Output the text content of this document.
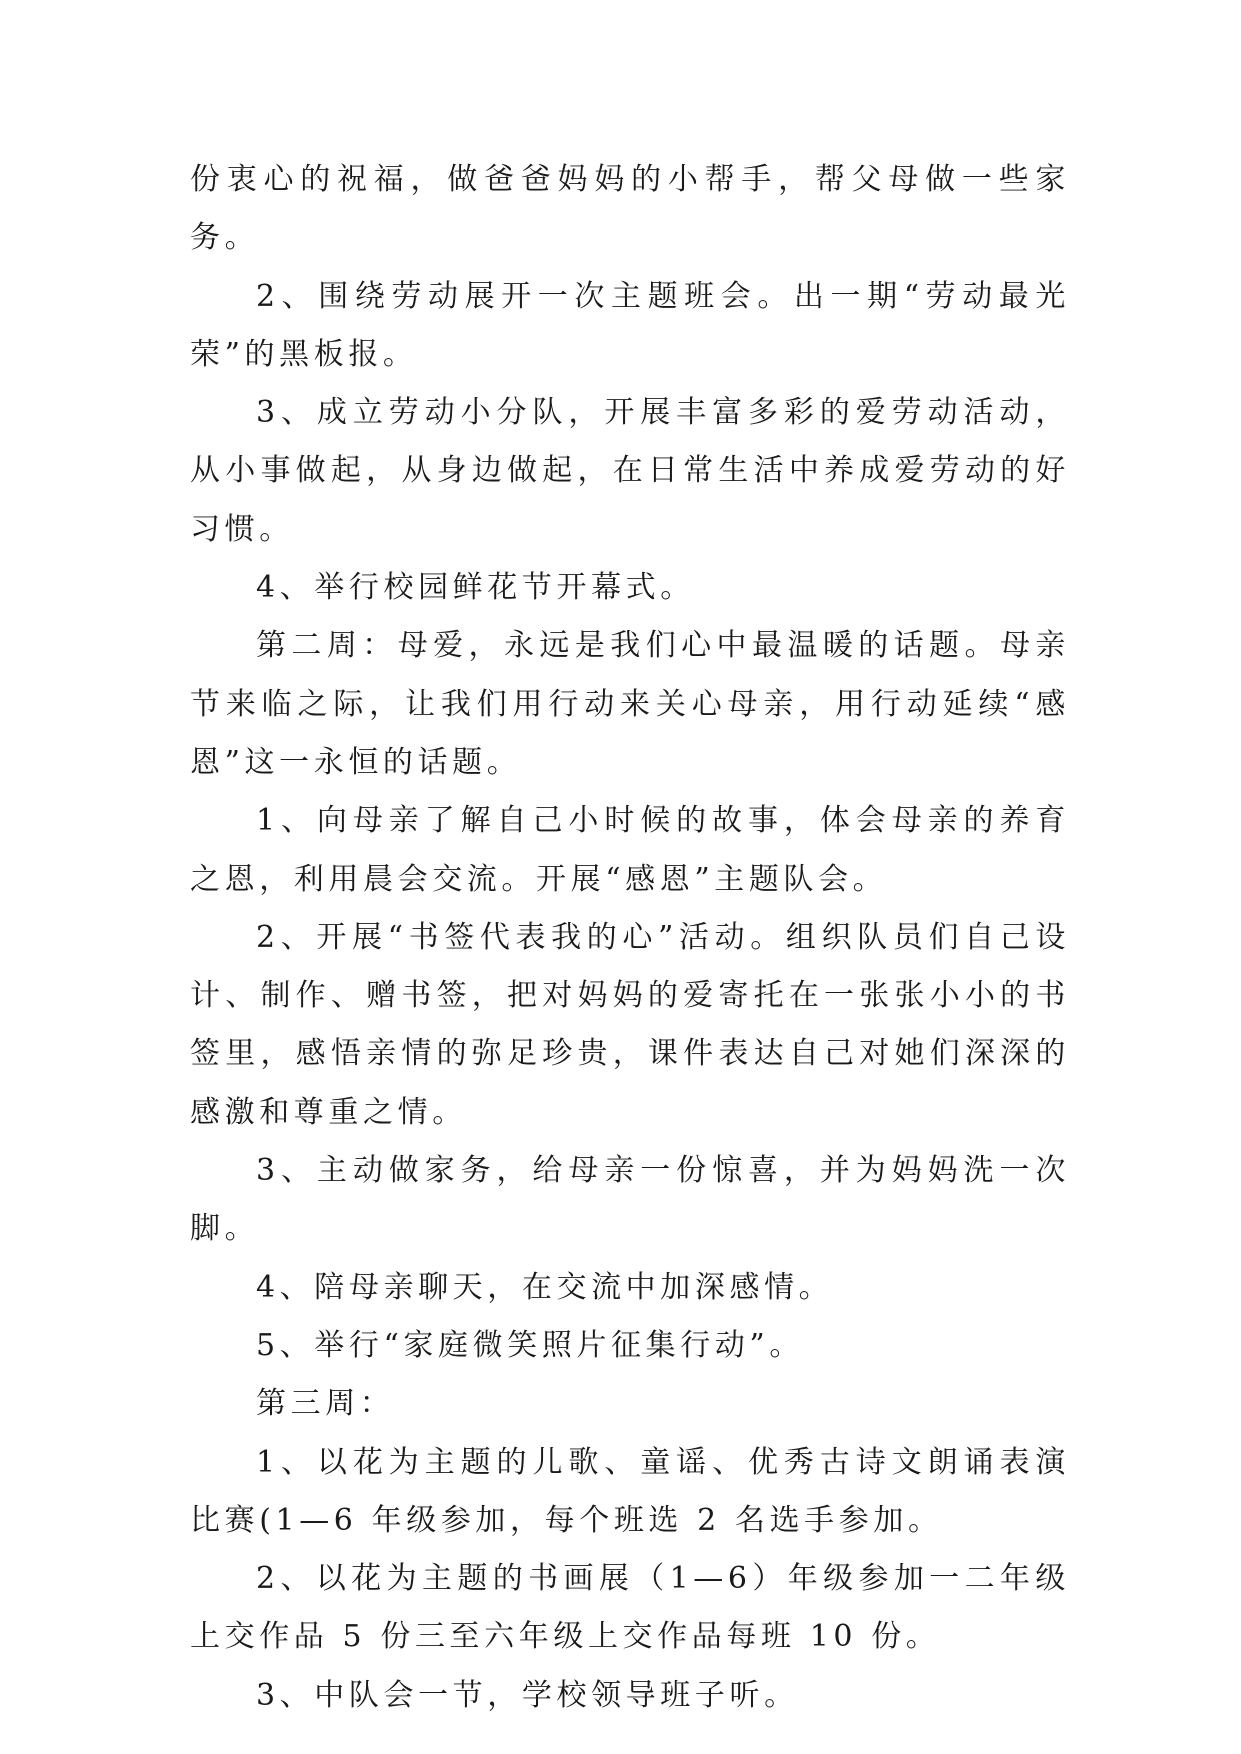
份衷心的祝福，做爸爸妈妈的小帮手，帮父母做一些家务。

2、围绕劳动展开一次主题班会。出一期“劳动最光荣”的黑板报。

3、成立劳动小分队，开展丰富多彩的爱劳动活动，从小事做起，从身边做起，在日常生活中养成爱劳动的好习惯。

4、举行校园鲜花节开幕式。

第二周：母爱，永远是我们心中最温暖的话题。母亲节来临之际，让我们用行动来关心母亲，用行动延续“感恩”这一永恒的话题。

1、向母亲了解自己小时候的故事，体会母亲的养育之恩，利用晨会交流。开展“感恩”主题队会。

2、开展“书签代表我的心”活动。组织队员们自己设计、制作、赠书签，把对妈妈的爱寄托在一张张小小的书签里，感悟亲情的弥足珍贵，课件表达自己对她们深深的感激和尊重之情。

3、主动做家务，给母亲一份惊喜，并为妈妈洗一次脚。

4、陪母亲聊天，在交流中加深感情。

5、举行“家庭微笑照片征集行动”。

第三周：

1、以花为主题的儿歌、童谣、优秀古诗文朗诵表演比赛(1—6 年级参加，每个班选 2 名选手参加。

2、以花为主题的书画展（1—6）年级参加一二年级上交作品 5 份三至六年级上交作品每班 10 份。

3、中队会一节，学校领导班子听。
